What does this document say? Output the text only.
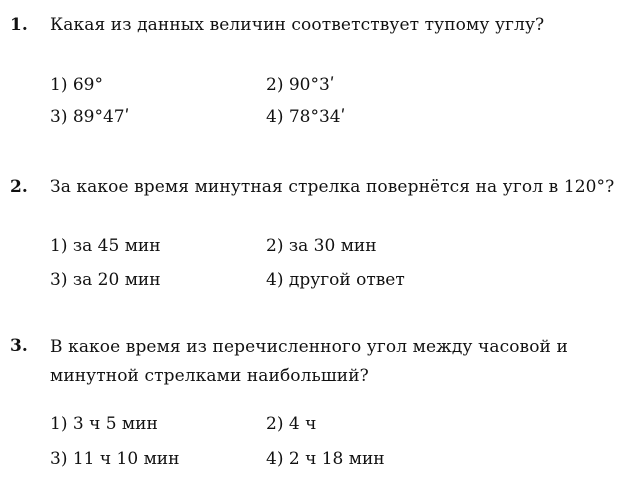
1. Какая из данных величин соответствует тупому углу?
1) 69°	2) 90°3ʹ
3) 89°47ʹ	4) 78°34ʹ
2. За какое время минутная стрелка повернётся на угол в 120°?
1) за 45 мин	2) за 30 мин
3) за 20 мин	4) другой ответ
3. В какое время из перечисленного угол между часовой и минутной стрелками наибольший?
1) 3 ч 5 мин	2) 4 ч
3) 11 ч 10 мин	4) 2 ч 18 мин
